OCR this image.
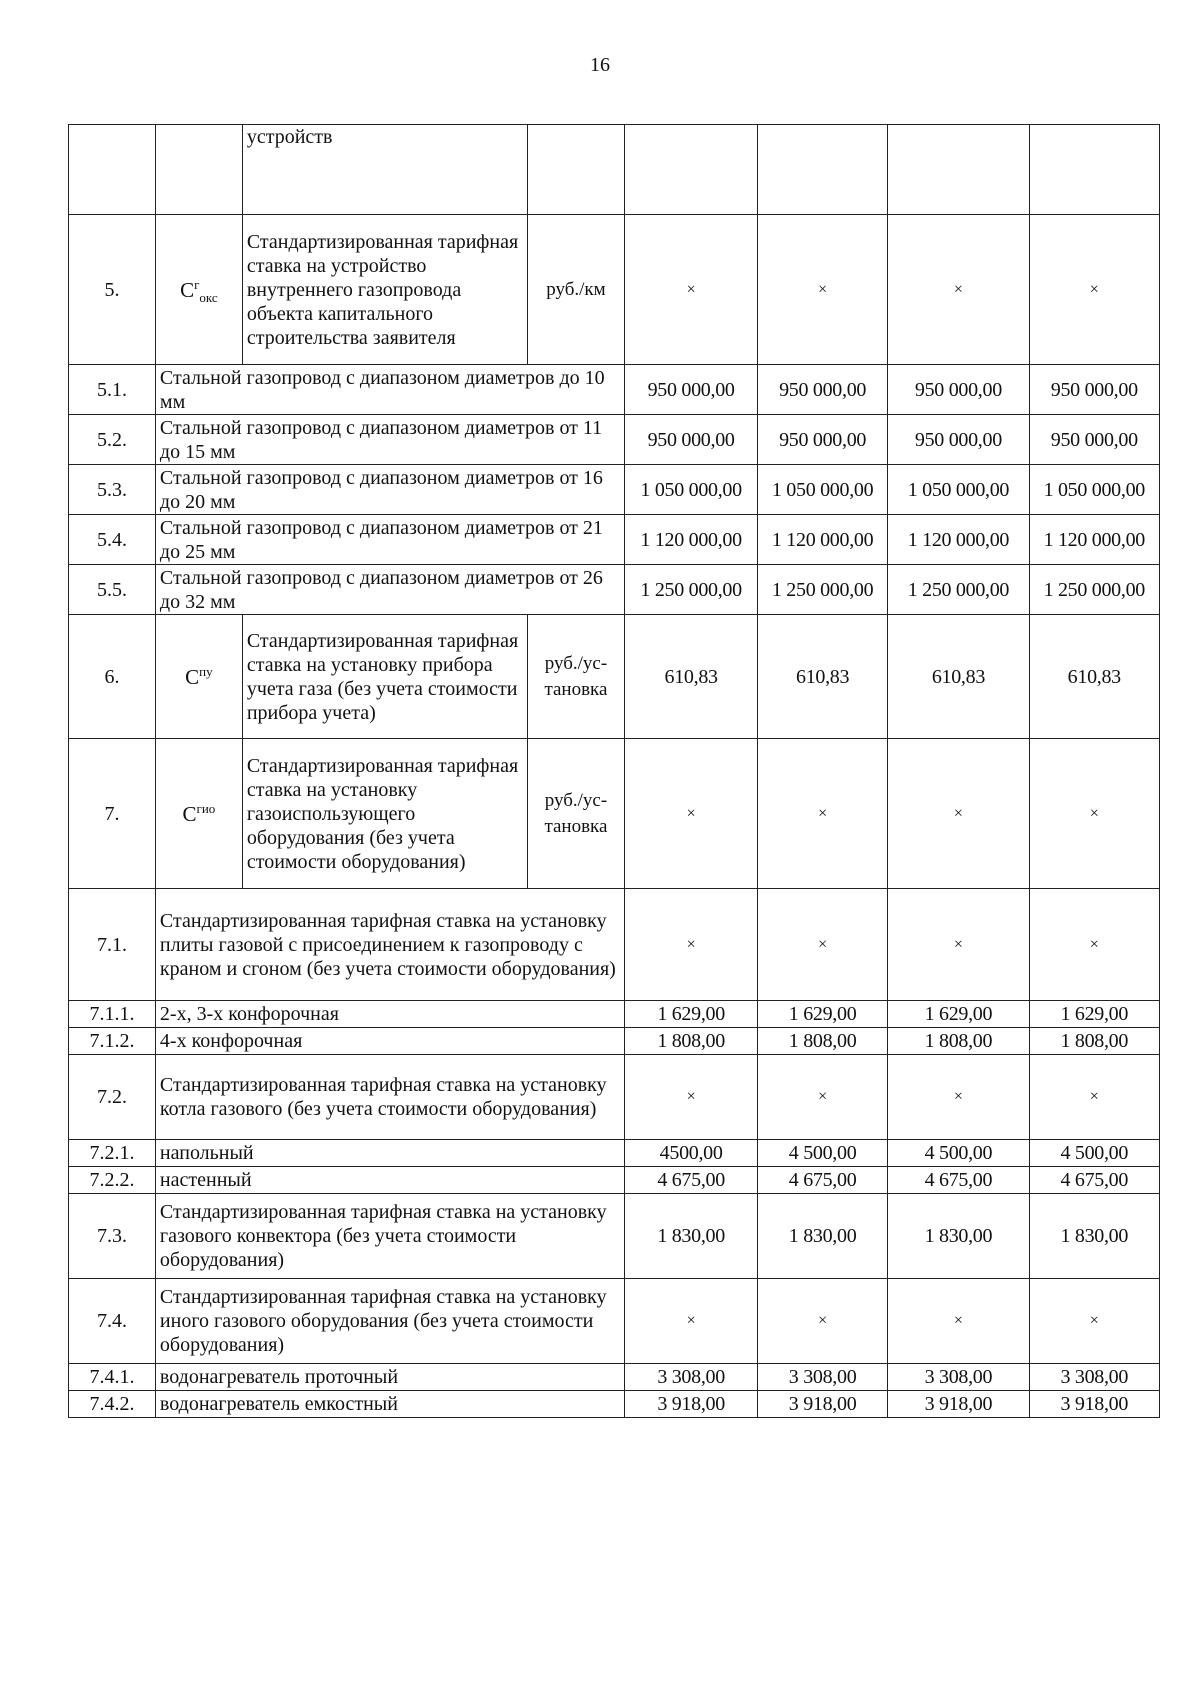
16
		устройств					
5.	$С^г_{окс}$	Стандартизированная тарифная ставка на устройство внутреннего газопровода объекта капитального строительства заявителя	руб./км	×	×	×	×
5.1.	Стальной газопровод с диапазоном диаметров до 10 мм			950 000,00	950 000,00	950 000,00	950 000,00
5.2.	Стальной газопровод с диапазоном диаметров от 11 до 15 мм			950 000,00	950 000,00	950 000,00	950 000,00
5.3.	Стальной газопровод с диапазоном диаметров от 16 до 20 мм			1 050 000,00	1 050 000,00	1 050 000,00	1 050 000,00
5.4.	Стальной газопровод с диапазоном диаметров от 21 до 25 мм			1 120 000,00	1 120 000,00	1 120 000,00	1 120 000,00
5.5.	Стальной газопровод с диапазоном диаметров от 26 до 32 мм			1 250 000,00	1 250 000,00	1 250 000,00	1 250 000,00
6.	$С^{пу}$	Стандартизированная тарифная ставка на установку прибора учета газа (без учета стоимости прибора учета)	руб./ус-тановка	610,83	610,83	610,83	610,83
7.	$С^{гио}$	Стандартизированная тарифная ставка на установку газоиспользующего оборудования (без учета стоимости оборудования)	руб./ус-тановка	×	×	×	×
7.1.	Стандартизированная тарифная ставка на установку плиты газовой с присоединением к газопроводу с краном и сгоном (без учета стоимости оборудования)			×	×	×	×
7.1.1.	2-х, 3-х конфорочная			1 629,00	1 629,00	1 629,00	1 629,00
7.1.2.	4-х конфорочная			1 808,00	1 808,00	1 808,00	1 808,00
7.2.	Стандартизированная тарифная ставка на установку котла газового (без учета стоимости оборудования)			×	×	×	×
7.2.1.	напольный			4500,00	4 500,00	4 500,00	4 500,00
7.2.2.	настенный			4 675,00	4 675,00	4 675,00	4 675,00
7.3.	Стандартизированная тарифная ставка на установку газового конвектора (без учета стоимости оборудования)			1 830,00	1 830,00	1 830,00	1 830,00
7.4.	Стандартизированная тарифная ставка на установку иного газового оборудования (без учета стоимости оборудования)			×	×	×	×
7.4.1.	водонагреватель проточный			3 308,00	3 308,00	3 308,00	3 308,00
7.4.2.	водонагреватель емкостный			3 918,00	3 918,00	3 918,00	3 918,00
